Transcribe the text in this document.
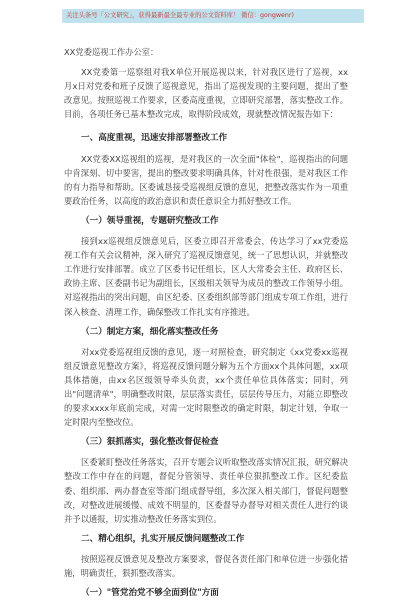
关注头条号「公文研究」，获得最新最全最专业的公文资料库！ 微信：gongwenr)

XX党委巡视工作办公室：

XX党委第一巡察组对我X单位开展巡视以来，针对我区进行了巡视，xx月x日对党委和班子反馈了巡视意见，指出了巡视发现的主要问题，提出了整改意见。按照巡视工作要求，区委高度重视，立即研究部署，落实整改工作。目前，各项任务已基本整改完成，取得阶段成效，现就整改情况报告如下：

一、高度重视，迅速安排部署整改工作

XX党委XX巡视组的巡视，是对我区的一次全面"体检"，巡视指出的问题中肯深刻、切中要害，提出的整改要求明确具体，针对性很强，是对我区工作的有力指导和帮助。区委诚恳接受巡视组反馈的意见，把整改落实作为一项重要政治任务，以高度的政治意识和责任意识全力抓好整改工作。

（一）领导重视，专题研究整改工作

接到xx巡视组反馈意见后，区委立即召开常委会，传达学习了xx党委巡视工作有关会议精神，深入研究了巡视反馈意见，统一了思想认识，并就整改工作进行安排部署。成立了区委书记任组长，区人大常委会主任、政府区长、政协主席、区委副书记为副组长，区级相关领导为成员的整改工作领导小组。对巡视指出的突出问题，由区纪委、区委组织部等部门组成专项工作组，进行深入核查、清理工作，确保整改工作扎实有序推进。

（二）制定方案，细化落实整改任务

对xx党委巡视组反馈的意见，逐一对照检查，研究制定《xx党委xx巡视组反馈意见整改方案》，将巡视反馈问题分解为五个方面xx个具体问题，xx项具体措施，由xx名区级领导牵头负责，xx个责任单位具体落实；同时，列出"问题清单"，明确整改时限，层层落实责任，层层传导压力，对能立即整改的要求xxxx年底前完成，对需一定时限整改的确定时限，制定计划，争取一定时限内至整改位。

（三）狠抓落实，强化整改督促检查

区委紧盯整改任务落实，召开专题会议听取整改落实情况汇报，研究解决整改工作中存在的问题，督促分管领导、责任单位狠抓整改工作。区纪委监委、组织部、两办督查室等部门组成督导组，多次深入相关部门，督促问题整改，对整改进展缓慢、成效不明显的，区委督导办督导对相关责任人进行约谈并予以通报，切实推动整改任务落实到位。

二、精心组织，扎实开展反馈问题整改工作

按照巡视反馈意见及整改方案要求，督促各责任部门和单位进一步强化措施，明确责任，狠抓整改落实。

（一）"管党治党不够全面到位"方面
